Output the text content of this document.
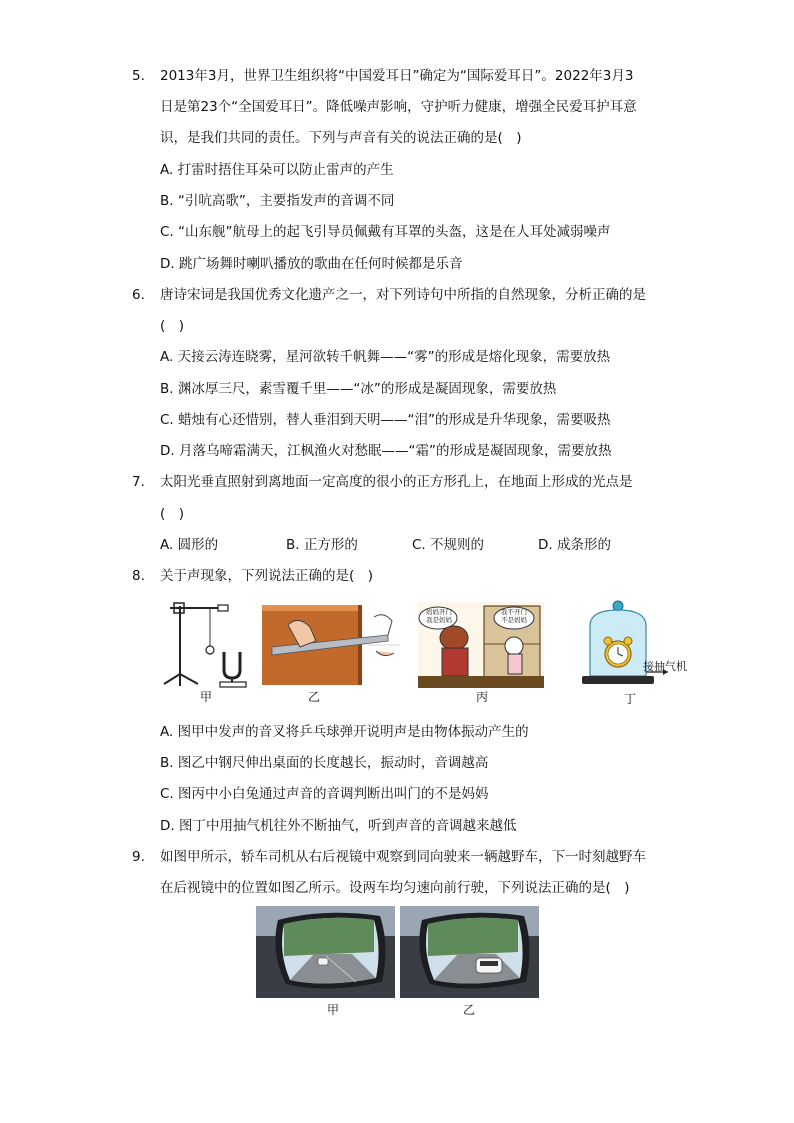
5. 2013年3月，世界卫生组织将“中国爱耳日”确定为“国际爱耳日”。2022年3月3
日是第23个“全国爱耳日”。降低噪声影响，守护听力健康，增强全民爱耳护耳意
识，是我们共同的责任。下列与声音有关的说法正确的是(　)
A. 打雷时捂住耳朵可以防止雷声的产生
B. “引吭高歌”，主要指发声的音调不同
C. “山东舰”航母上的起飞引导员佩戴有耳罩的头盔，这是在人耳处减弱噪声
D. 跳广场舞时喇叭播放的歌曲在任何时候都是乐音
6. 唐诗宋词是我国优秀文化遗产之一，对下列诗句中所指的自然现象，分析正确的是
(　)
A. 天接云涛连晓雾，星河欲转千帆舞——“雾”的形成是熔化现象，需要放热
B. 渊冰厚三尺，素雪覆千里——“冰”的形成是凝固现象，需要放热
C. 蜡烛有心还惜别，替人垂泪到天明——“泪”的形成是升华现象，需要吸热
D. 月落乌啼霜满天，江枫渔火对愁眠——“霜”的形成是凝固现象，需要放热
7. 太阳光垂直照射到离地面一定高度的很小的正方形孔上，在地面上形成的光点是
(　)
A. 圆形的	B. 正方形的	C. 不规则的	D. 成条形的
8. 关于声现象，下列说法正确的是(　)
甲	乙
妈妈开门
我是妈妈
我不开门
不是妈妈
丙
接抽气机
丁
A. 图甲中发声的音叉将乒乓球弹开说明声是由物体振动产生的
B. 图乙中钢尺伸出桌面的长度越长，振动时，音调越高
C. 图丙中小白兔通过声音的音调判断出叫门的不是妈妈
D. 图丁中用抽气机往外不断抽气，听到声音的音调越来越低
9. 如图甲所示，轿车司机从右后视镜中观察到同向驶来一辆越野车，下一时刻越野车
在后视镜中的位置如图乙所示。设两车均匀速向前行驶，下列说法正确的是(　)
甲	乙
